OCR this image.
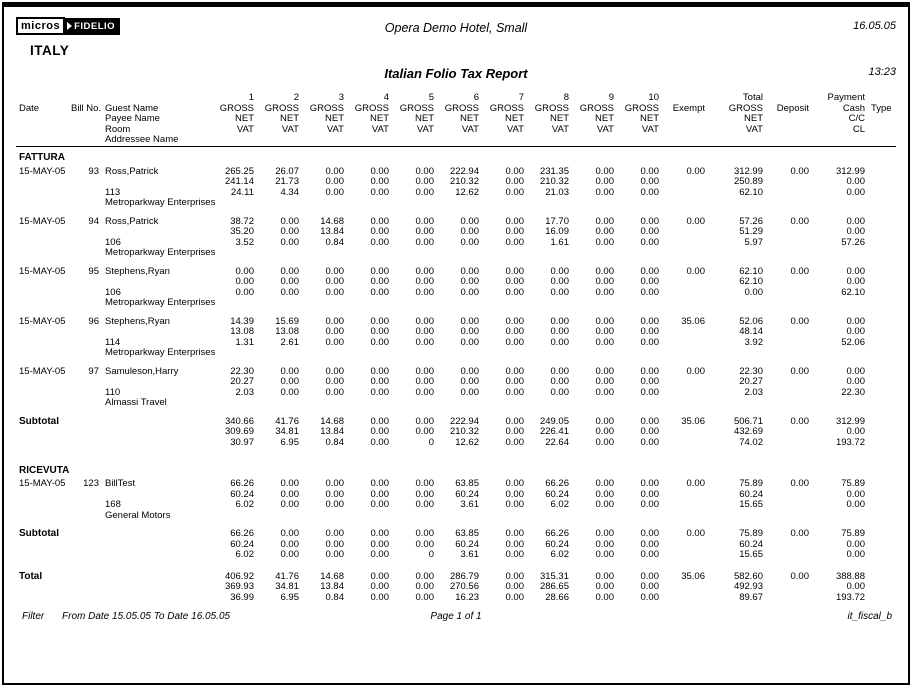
micros	FIDELIO	Opera Demo Hotel, Small	16.05.05
ITALY
Italian Folio Tax Report	13:23
			1	2	3	4	5	6	7	8	9	10		Total		Payment	
Date	Bill No.	Guest Name	GROSS	GROSS	GROSS	GROSS	GROSS	GROSS	GROSS	GROSS	GROSS	GROSS	Exempt	GROSS	Deposit	Cash	Type
		Payee Name	NET	NET	NET	NET	NET	NET	NET	NET	NET	NET		NET		C/C	
		Room	VAT	VAT	VAT	VAT	VAT	VAT	VAT	VAT	VAT	VAT		VAT		CL	
		Addressee Name															
FATTURA																	
15-MAY-05	93	Ross,Patrick	265.25	26.07	0.00	0.00	0.00	222.94	0.00	231.35	0.00	0.00	0.00	312.99	0.00	312.99	
			241.14	21.73	0.00	0.00	0.00	210.32	0.00	210.32	0.00	0.00		250.89		0.00	
		113	24.11	4.34	0.00	0.00	0.00	12.62	0.00	21.03	0.00	0.00		62.10		0.00	
		Metroparkway Enterprises															

15-MAY-05	94	Ross,Patrick	38.72	0.00	14.68	0.00	0.00	0.00	0.00	17.70	0.00	0.00	0.00	57.26	0.00	0.00	
			35.20	0.00	13.84	0.00	0.00	0.00	0.00	16.09	0.00	0.00		51.29		0.00	
		106	3.52	0.00	0.84	0.00	0.00	0.00	0.00	1.61	0.00	0.00		5.97		57.26	
		Metroparkway Enterprises															

15-MAY-05	95	Stephens,Ryan	0.00	0.00	0.00	0.00	0.00	0.00	0.00	0.00	0.00	0.00	0.00	62.10	0.00	0.00	
			0.00	0.00	0.00	0.00	0.00	0.00	0.00	0.00	0.00	0.00		62.10		0.00	
		106	0.00	0.00	0.00	0.00	0.00	0.00	0.00	0.00	0.00	0.00		0.00		62.10	
		Metroparkway Enterprises															

15-MAY-05	96	Stephens,Ryan	14.39	15.69	0.00	0.00	0.00	0.00	0.00	0.00	0.00	0.00	35.06	52.06	0.00	0.00	
			13.08	13.08	0.00	0.00	0.00	0.00	0.00	0.00	0.00	0.00		48.14		0.00	
		114	1.31	2.61	0.00	0.00	0.00	0.00	0.00	0.00	0.00	0.00		3.92		52.06	
		Metroparkway Enterprises															

15-MAY-05	97	Samuleson,Harry	22.30	0.00	0.00	0.00	0.00	0.00	0.00	0.00	0.00	0.00	0.00	22.30	0.00	0.00	
			20.27	0.00	0.00	0.00	0.00	0.00	0.00	0.00	0.00	0.00		20.27		0.00	
		110	2.03	0.00	0.00	0.00	0.00	0.00	0.00	0.00	0.00	0.00		2.03		22.30	
		Almassi Travel															

Subtotal			340.66	41.76	14.68	0.00	0.00	222.94	0.00	249.05	0.00	0.00	35.06	506.71	0.00	312.99	
			309.69	34.81	13.84	0.00	0.00	210.32	0.00	226.41	0.00	0.00		432.69		0.00	
			30.97	6.95	0.84	0.00	0	12.62	0.00	22.64	0.00	0.00		74.02		193.72	

RICEVUTA																	
15-MAY-05	123	BillTest	66.26	0.00	0.00	0.00	0.00	63.85	0.00	66.26	0.00	0.00	0.00	75.89	0.00	75.89	
			60.24	0.00	0.00	0.00	0.00	60.24	0.00	60.24	0.00	0.00		60.24		0.00	
		168	6.02	0.00	0.00	0.00	0.00	3.61	0.00	6.02	0.00	0.00		15.65		0.00	
		General Motors															

Subtotal			66.26	0.00	0.00	0.00	0.00	63.85	0.00	66.26	0.00	0.00	0.00	75.89	0.00	75.89	
			60.24	0.00	0.00	0.00	0.00	60.24	0.00	60.24	0.00	0.00		60.24		0.00	
			6.02	0.00	0.00	0.00	0	3.61	0.00	6.02	0.00	0.00		15.65		0.00	

Total			406.92	41.76	14.68	0.00	0.00	286.79	0.00	315.31	0.00	0.00	35.06	582.60	0.00	388.88	
			369.93	34.81	13.84	0.00	0.00	270.56	0.00	286.65	0.00	0.00		492.93		0.00	
			36.99	6.95	0.84	0.00	0.00	16.23	0.00	28.66	0.00	0.00		89.67		193.72	

Filter From Date 15.05.05 To Date 16.05.05	Page 1 of 1	it_fiscal_b
